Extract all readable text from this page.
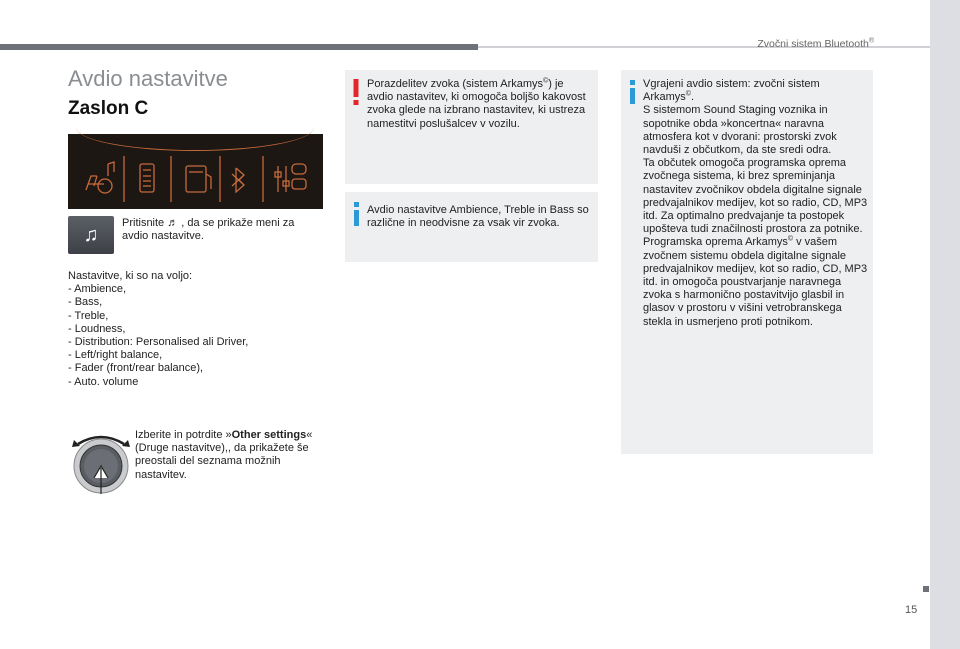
Zvočni sistem Bluetooth®
Avdio nastavitve
Zaslon C
♫
Pritisnite ♬ , da se prikaže meni za avdio nastavitve.
Nastavitve, ki so na voljo:
- Ambience,
- Bass,
- Treble,
- Loudness,
- Distribution: Personalised ali Driver,
- Left/right balance,
- Fader (front/rear balance),
- Auto. volume
Izberite in potrdite »Other settings« (Druge nastavitve),, da prikažete še preostali del seznama možnih nastavitev.
Porazdelitev zvoka (sistem Arkamys©) je avdio nastavitev, ki omogoča boljšo kakovost zvoka glede na izbrano nastavitev, ki ustreza namestitvi poslušalcev v vozilu.
Avdio nastavitve Ambience, Treble in Bass so različne in neodvisne za vsak vir zvoka.
Vgrajeni avdio sistem: zvočni sistem Arkamys©.
S sistemom Sound Staging voznika in sopotnike obda »koncertna« naravna atmosfera kot v dvorani: prostorski zvok navduši z občutkom, da ste sredi odra.
Ta občutek omogoča programska oprema zvočnega sistema, ki brez spreminjanja nastavitev zvočnikov obdela digitalne signale predvajalnikov medijev, kot so radio, CD, MP3 itd. Za optimalno predvajanje ta postopek upošteva tudi značilnosti prostora za potnike.
Programska oprema Arkamys© v vašem zvočnem sistemu obdela digitalne signale predvajalnikov medijev, kot so radio, CD, MP3 itd. in omogoča poustvarjanje naravnega zvoka s harmonično postavitvijo glasbil in glasov v prostoru v višini vetrobranskega stekla in usmerjeno proti potnikom.
15
